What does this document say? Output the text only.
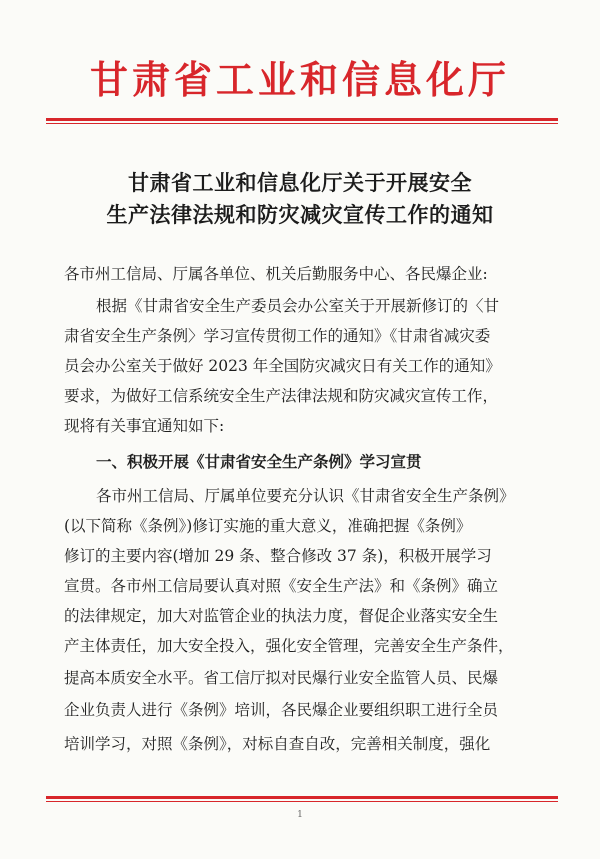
甘肃省工业和信息化厅
甘肃省工业和信息化厅关于开展安全
生产法律法规和防灾减灾宣传工作的通知
各市州工信局、厅属各单位、机关后勤服务中心、各民爆企业:
根据《甘肃省安全生产委员会办公室关于开展新修订的〈甘
肃省安全生产条例〉学习宣传贯彻工作的通知》《甘肃省减灾委
员会办公室关于做好 2023 年全国防灾减灾日有关工作的通知》
要求，为做好工信系统安全生产法律法规和防灾减灾宣传工作，
现将有关事宜通知如下:
一、积极开展《甘肃省安全生产条例》学习宣贯
各市州工信局、厅属单位要充分认识《甘肃省安全生产条例》
(以下简称《条例》)修订实施的重大意义，准确把握《条例》
修订的主要内容(增加 29 条、整合修改 37 条)，积极开展学习
宣贯。各市州工信局要认真对照《安全生产法》和《条例》确立
的法律规定，加大对监管企业的执法力度，督促企业落实安全生
产主体责任，加大安全投入，强化安全管理，完善安全生产条件，
提高本质安全水平。省工信厅拟对民爆行业安全监管人员、民爆
企业负责人进行《条例》培训，各民爆企业要组织职工进行全员
培训学习，对照《条例》，对标自查自改，完善相关制度，强化
1
